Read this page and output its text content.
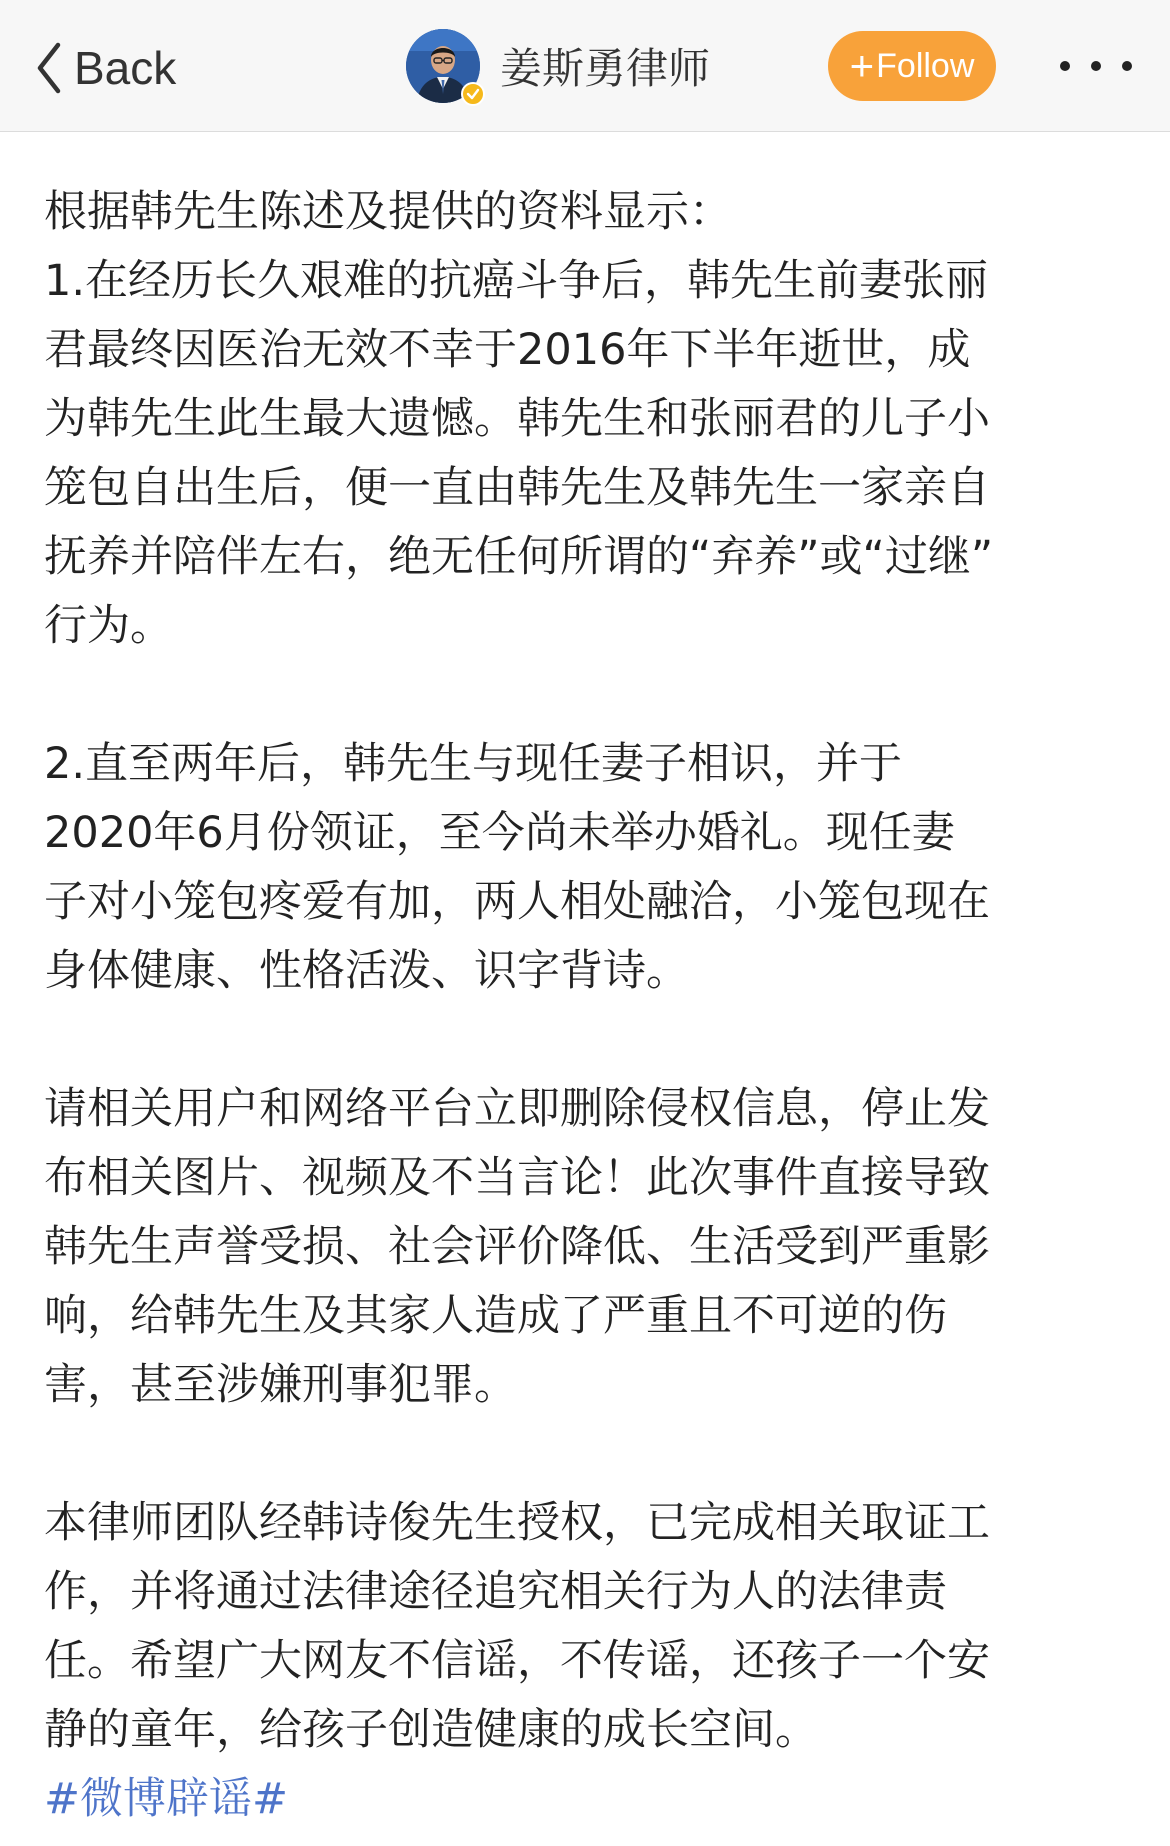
Back	姜斯勇律师	+ Follow
根据韩先生陈述及提供的资料显示：
1.在经历长久艰难的抗癌斗争后，韩先生前妻张丽
君最终因医治无效不幸于2016年下半年逝世，成
为韩先生此生最大遗憾。韩先生和张丽君的儿子小
笼包自出生后，便一直由韩先生及韩先生一家亲自
抚养并陪伴左右，绝无任何所谓的“弃养”或“过继”
行为。
2.直至两年后，韩先生与现任妻子相识，并于
2020年6月份领证，至今尚未举办婚礼。现任妻
子对小笼包疼爱有加，两人相处融洽，小笼包现在
身体健康、性格活泼、识字背诗。
请相关用户和网络平台立即删除侵权信息，停止发
布相关图片、视频及不当言论！此次事件直接导致
韩先生声誉受损、社会评价降低、生活受到严重影
响，给韩先生及其家人造成了严重且不可逆的伤
害，甚至涉嫌刑事犯罪。
本律师团队经韩诗俊先生授权，已完成相关取证工
作，并将通过法律途径追究相关行为人的法律责
任。希望广大网友不信谣，不传谣，还孩子一个安
静的童年，给孩子创造健康的成长空间。
#微博辟谣#
